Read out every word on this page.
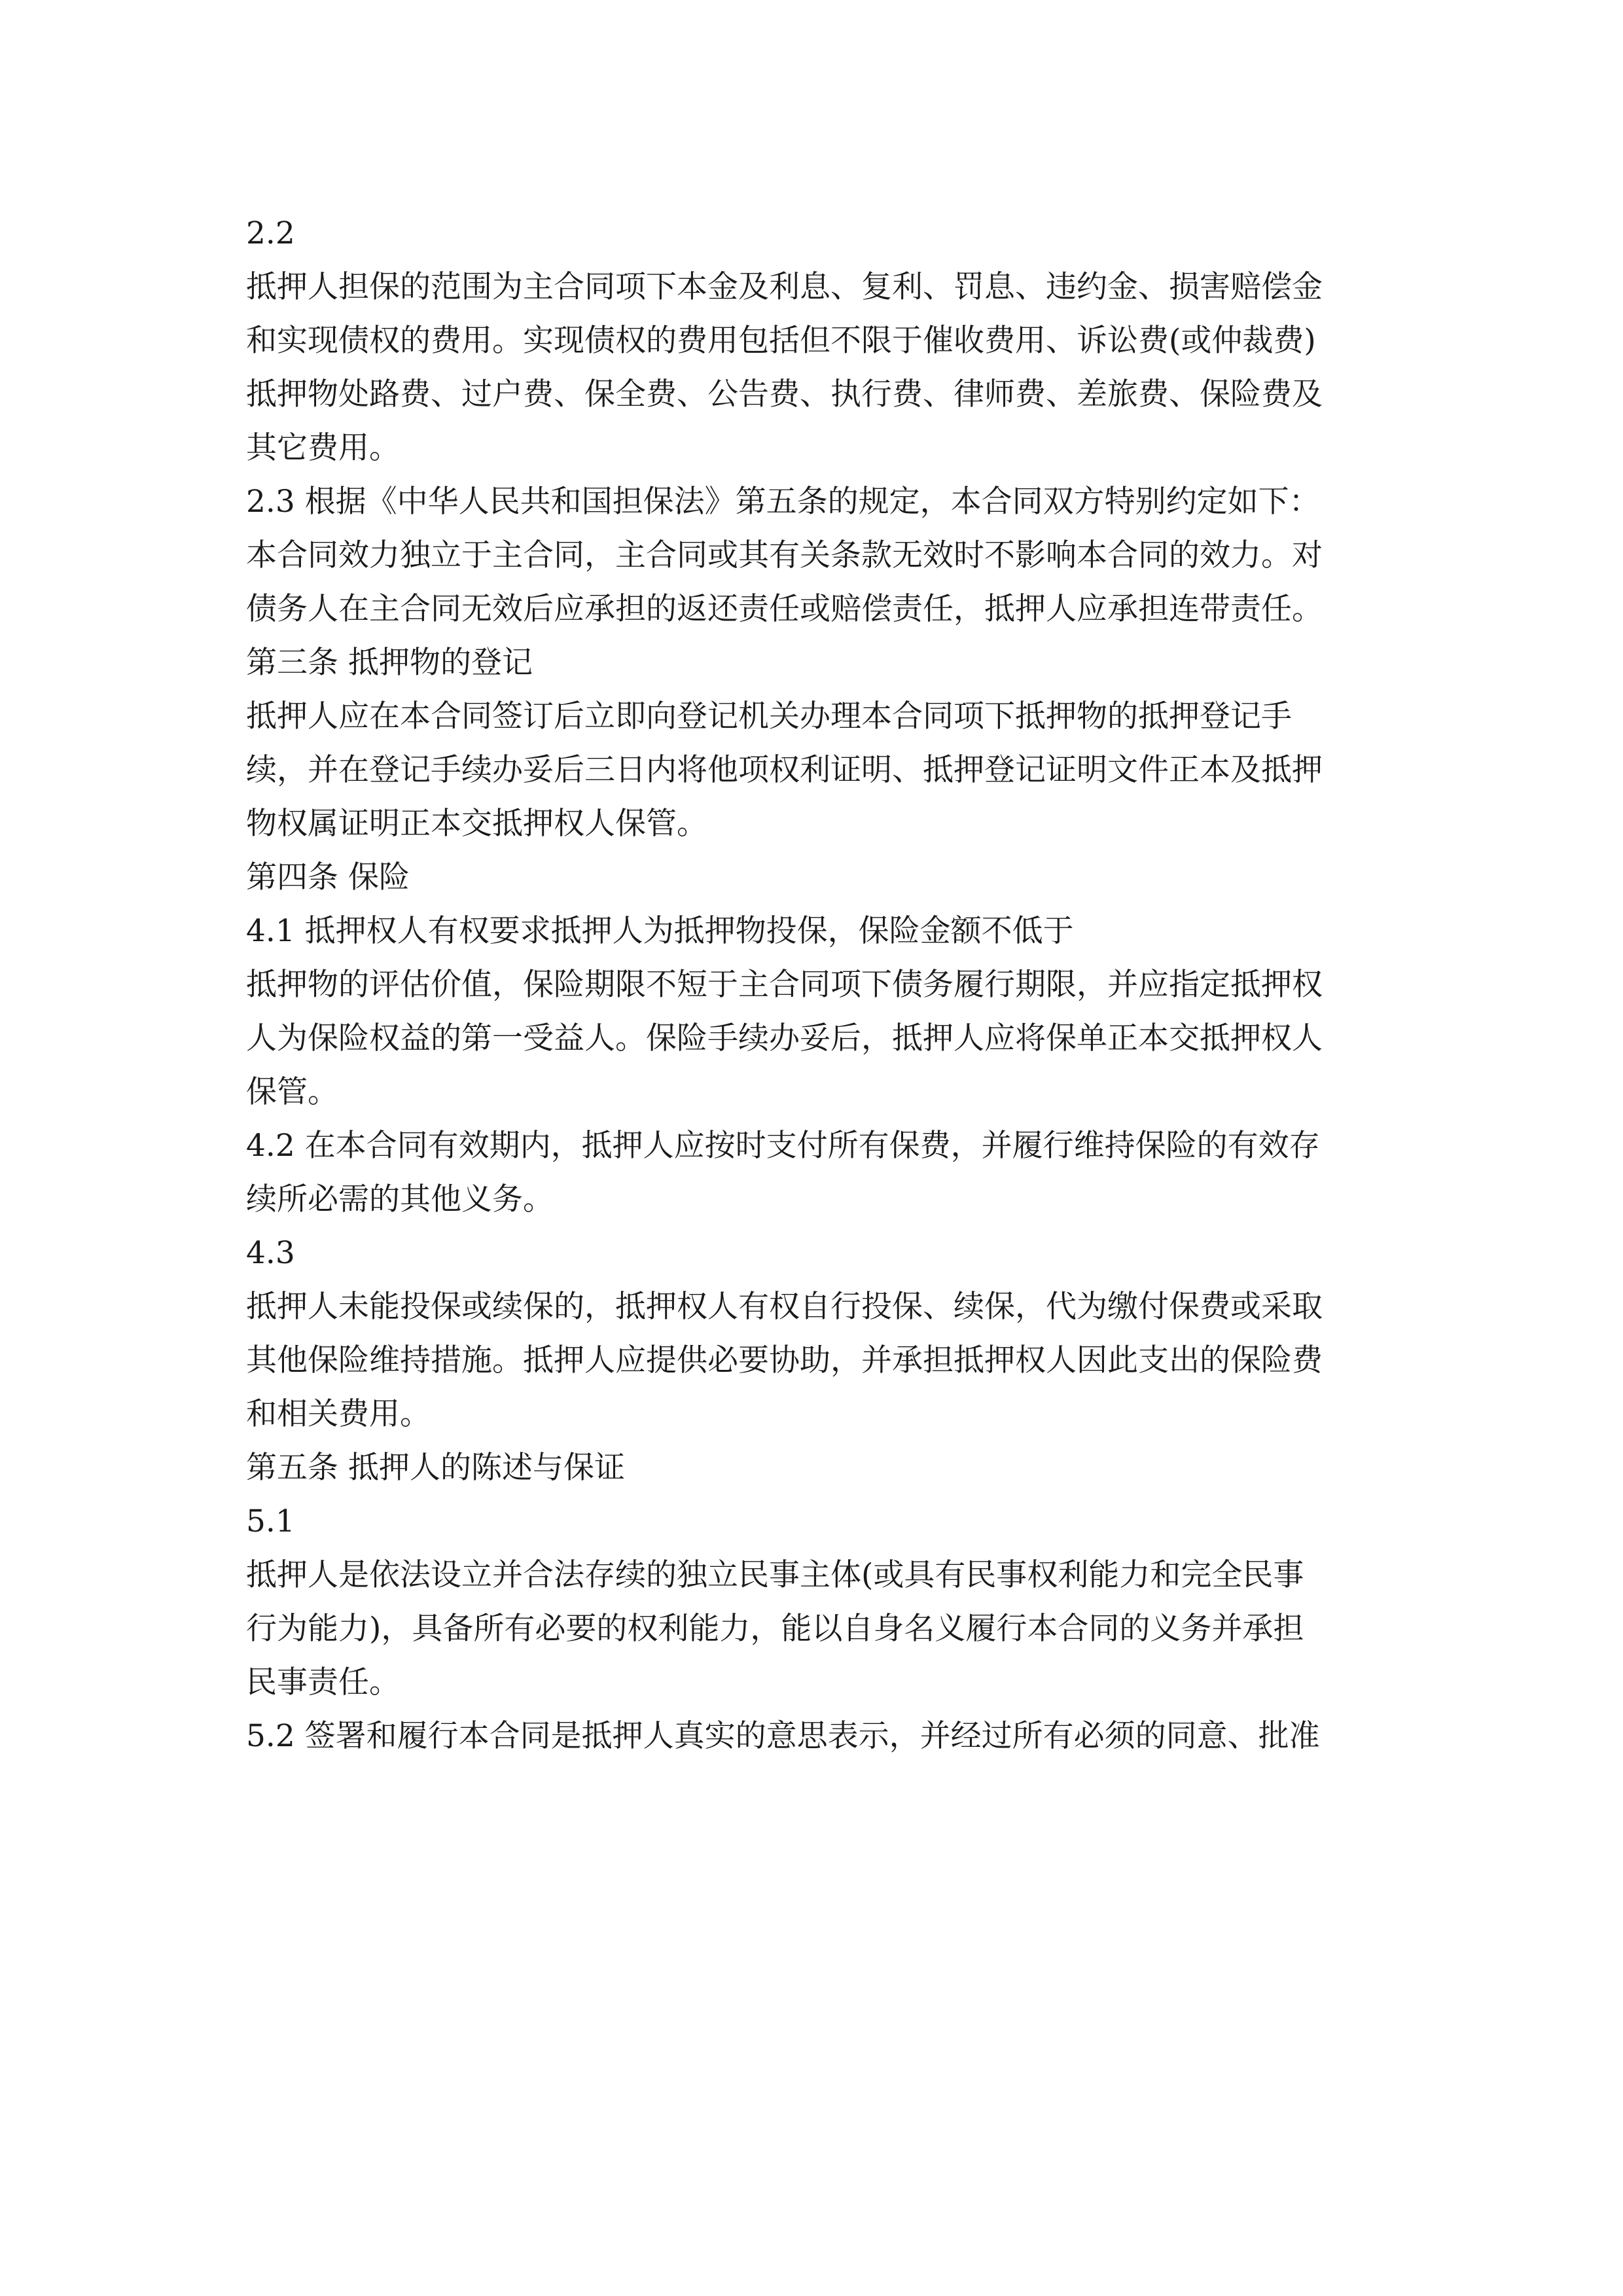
2.2
抵押人担保的范围为主合同项下本金及利息、复利、罚息、违约金、损害赔偿金
和实现债权的费用。实现债权的费用包括但不限于催收费用、诉讼费(或仲裁费)
抵押物处路费、过户费、保全费、公告费、执行费、律师费、差旅费、保险费及
其它费用。
2.3 根据《中华人民共和国担保法》第五条的规定，本合同双方特别约定如下：
本合同效力独立于主合同，主合同或其有关条款无效时不影响本合同的效力。对
债务人在主合同无效后应承担的返还责任或赔偿责任，抵押人应承担连带责任。
第三条 抵押物的登记
抵押人应在本合同签订后立即向登记机关办理本合同项下抵押物的抵押登记手
续，并在登记手续办妥后三日内将他项权利证明、抵押登记证明文件正本及抵押
物权属证明正本交抵押权人保管。
第四条 保险
4.1 抵押权人有权要求抵押人为抵押物投保，保险金额不低于
抵押物的评估价值，保险期限不短于主合同项下债务履行期限，并应指定抵押权
人为保险权益的第一受益人。保险手续办妥后，抵押人应将保单正本交抵押权人
保管。
4.2 在本合同有效期内，抵押人应按时支付所有保费，并履行维持保险的有效存
续所必需的其他义务。
4.3
抵押人未能投保或续保的，抵押权人有权自行投保、续保，代为缴付保费或采取
其他保险维持措施。抵押人应提供必要协助，并承担抵押权人因此支出的保险费
和相关费用。
第五条 抵押人的陈述与保证
5.1
抵押人是依法设立并合法存续的独立民事主体(或具有民事权利能力和完全民事
行为能力)，具备所有必要的权利能力，能以自身名义履行本合同的义务并承担
民事责任。
5.2 签署和履行本合同是抵押人真实的意思表示，并经过所有必须的同意、批准
